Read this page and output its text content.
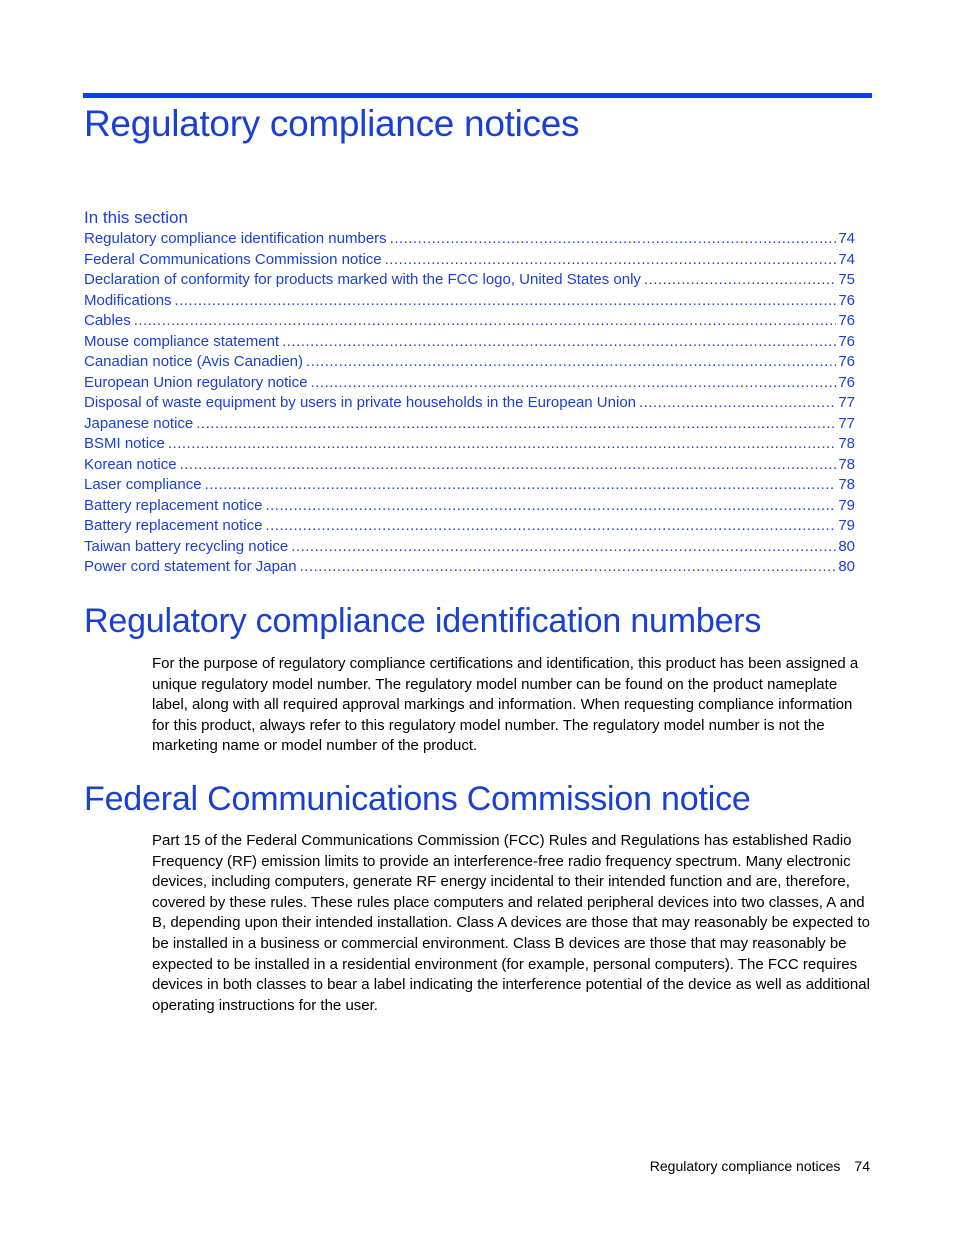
Regulatory compliance notices
In this section
Regulatory compliance identification numbers .....	74
Federal Communications Commission notice .....	74
Declaration of conformity for products marked with the FCC logo, United States only .....	75
Modifications .....	76
Cables .....	76
Mouse compliance statement .....	76
Canadian notice (Avis Canadien) .....	76
European Union regulatory notice .....	76
Disposal of waste equipment by users in private households in the European Union .....	77
Japanese notice .....	77
BSMI notice .....	78
Korean notice .....	78
Laser compliance .....	78
Battery replacement notice .....	79
Battery replacement notice .....	79
Taiwan battery recycling notice .....	80
Power cord statement for Japan .....	80
Regulatory compliance identification numbers

For the purpose of regulatory compliance certifications and identification, this product has been assigned a unique regulatory model number. The regulatory model number can be found on the product nameplate label, along with all required approval markings and information. When requesting compliance information for this product, always refer to this regulatory model number. The regulatory model number is not the marketing name or model number of the product.

Federal Communications Commission notice

Part 15 of the Federal Communications Commission (FCC) Rules and Regulations has established Radio Frequency (RF) emission limits to provide an interference-free radio frequency spectrum. Many electronic devices, including computers, generate RF energy incidental to their intended function and are, therefore, covered by these rules. These rules place computers and related peripheral devices into two classes, A and B, depending upon their intended installation. Class A devices are those that may reasonably be expected to be installed in a business or commercial environment. Class B devices are those that may reasonably be expected to be installed in a residential environment (for example, personal computers). The FCC requires devices in both classes to bear a label indicating the interference potential of the device as well as additional operating instructions for the user.

Regulatory compliance notices 74
